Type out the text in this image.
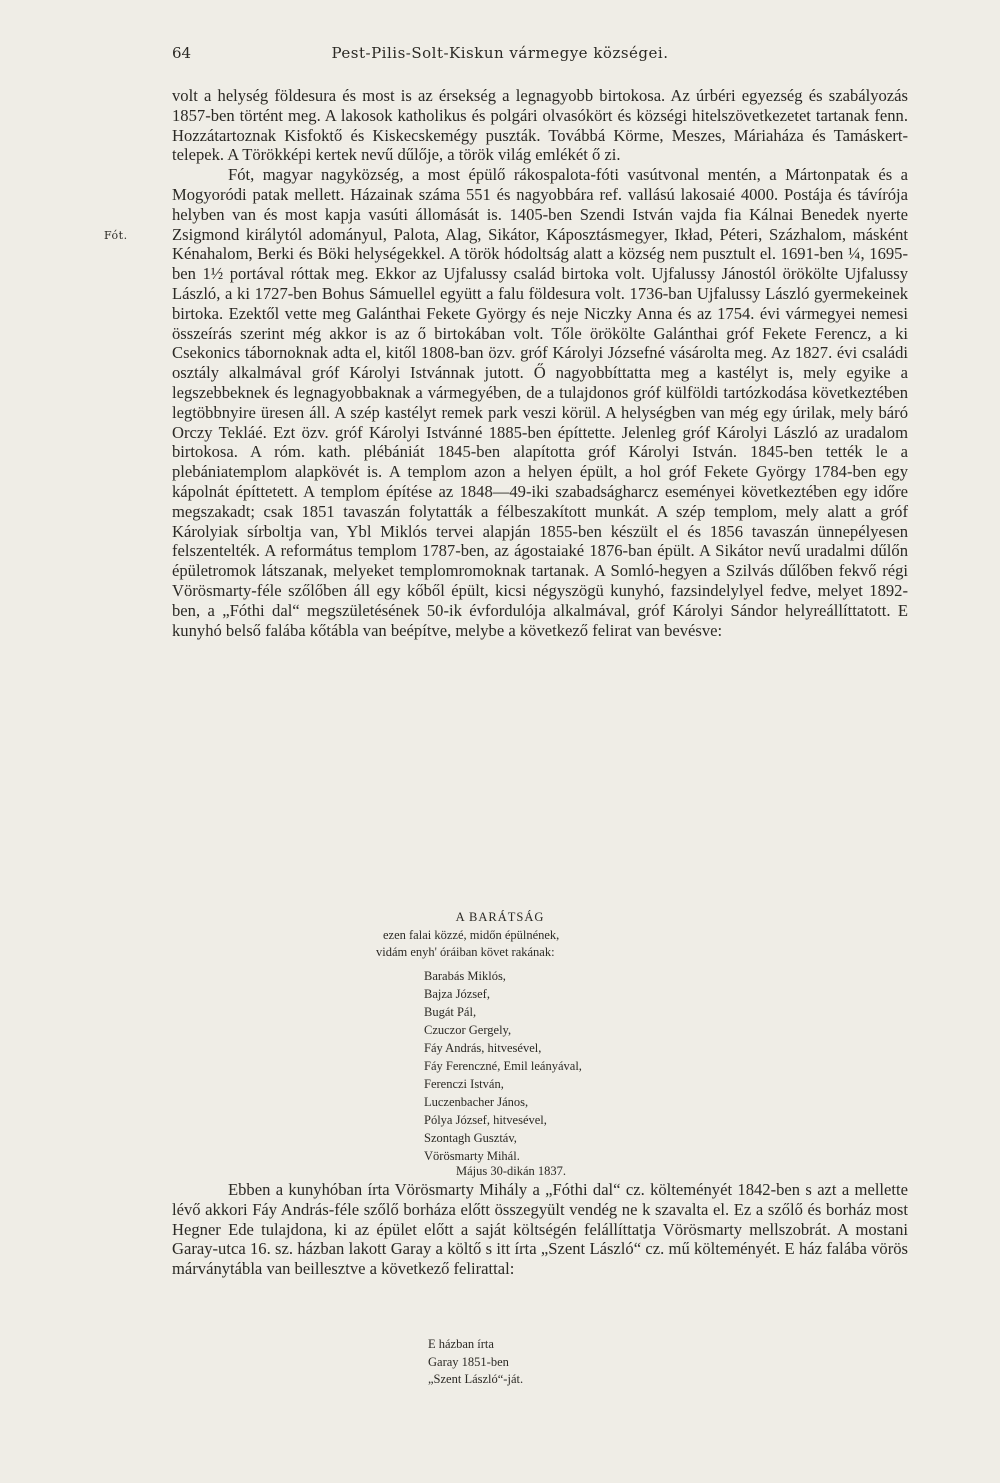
64	Pest-Pilis-Solt-Kiskun vármegye községei.
Fót.

volt a helység földesura és most is az érsekség a legnagyobb birtokosa. Az úrbéri egyezség és szabályozás 1857-ben történt meg. A lakosok katholikus és polgári olvasókört és községi hitelszövetkezetet tartanak fenn. Hozzátartoznak Kisfoktő és Kiskecskemégy puszták. Továbbá Körme, Meszes, Máriaháza és Tamáskert-telepek. A Törökképi kertek nevű dűlője, a török világ emlékét ő zi.

Fót, magyar nagyközség, a most épülő rákospalota-fóti vasútvonal mentén, a Mártonpatak és a Mogyoródi patak mellett. Házainak száma 551 és nagyobbára ref. vallású lakosaié 4000. Postája és távírója helyben van és most kapja vasúti állomását is. 1405-ben Szendi István vajda fia Kálnai Benedek nyerte Zsigmond királytól adományul, Palota, Alag, Sikátor, Káposztásmegyer, Ikład, Péteri, Százhalom, másként Kénahalom, Berki és Böki helységekkel. A török hódoltság alatt a község nem pusztult el. 1691-ben ¼, 1695-ben 1½ portával róttak meg. Ekkor az Ujfalussy család birtoka volt. Ujfalussy Jánostól örökölte Ujfalussy László, a ki 1727-ben Bohus Sámuellel együtt a falu földesura volt. 1736-ban Ujfalussy László gyermekeinek birtoka. Ezektől vette meg Galánthai Fekete György és neje Niczky Anna és az 1754. évi vármegyei nemesi összeírás szerint még akkor is az ő birtokában volt. Tőle örökölte Galánthai gróf Fekete Ferencz, a ki Csekonics tábornoknak adta el, kitől 1808-ban özv. gróf Károlyi Józsefné vásárolta meg. Az 1827. évi családi osztály alkalmával gróf Károlyi Istvánnak jutott. Ő nagyobbíttatta meg a kastélyt is, mely egyike a legszebbeknek és legnagyobbaknak a vármegyében, de a tulajdonos gróf külföldi tartózkodása következtében legtöbbnyire üresen áll. A szép kastélyt remek park veszi körül. A helységben van még egy úrilak, mely báró Orczy Tekláé. Ezt özv. gróf Károlyi Istvánné 1885-ben építtette. Jelenleg gróf Károlyi László az uradalom birtokosa. A róm. kath. plébániát 1845-ben alapította gróf Károlyi István. 1845-ben tették le a plebániatemplom alapkövét is. A templom azon a helyen épült, a hol gróf Fekete György 1784-ben egy kápolnát építtetett. A templom építése az 1848—49-iki szabadságharcz eseményei következtében egy időre megszakadt; csak 1851 tavaszán folytatták a félbeszakított munkát. A szép templom, mely alatt a gróf Károlyiak sírboltja van, Ybl Miklós tervei alapján 1855-ben készült el és 1856 tavaszán ünnepélyesen felszentelték. A református templom 1787-ben, az ágostaiaké 1876-ban épült. A Sikátor nevű uradalmi dűlőn épületromok látszanak, melyeket templomromoknak tartanak. A Somló-hegyen a Szilvás dűlőben fekvő régi Vörösmarty-féle szőlőben áll egy kőből épült, kicsi négyszögü kunyhó, fazsindelylyel fedve, melyet 1892-ben, a „Fóthi dal“ megszületésének 50-ik évfordulója alkalmával, gróf Károlyi Sándor helyreállíttatott. E kunyhó belső falába kőtábla van beépítve, melybe a következő felirat van bevésve:

A BARÁTSÁG
ezen falai közzé, midőn épülnének,
vidám enyh' óráiban követ rakának:
Barabás Miklós,
Bajza József,
Bugát Pál,
Czuczor Gergely,
Fáy András, hitvesével,
Fáy Ferenczné, Emil leányával,
Ferenczi István,
Luczenbacher János,
Pólya József, hitvesével,
Szontagh Gusztáv,
Vörösmarty Mihál.
Május 30-dikán 1837.

Ebben a kunyhóban írta Vörösmarty Mihály a „Fóthi dal“ cz. költeményét 1842-ben s azt a mellette lévő akkori Fáy András-féle szőlő borháza előtt összegyült vendég ne k szavalta el. Ez a szőlő és borház most Hegner Ede tulajdona, ki az épület előtt a saját költségén felállíttatja Vörösmarty mellszobrát. A mostani Garay-utca 16. sz. házban lakott Garay a költő s itt írta „Szent László“ cz. mű költeményét. E ház falába vörös márványtábla van beillesztve a következő felirattal:

E házban írta
Garay 1851-ben
„Szent László“-ját.
